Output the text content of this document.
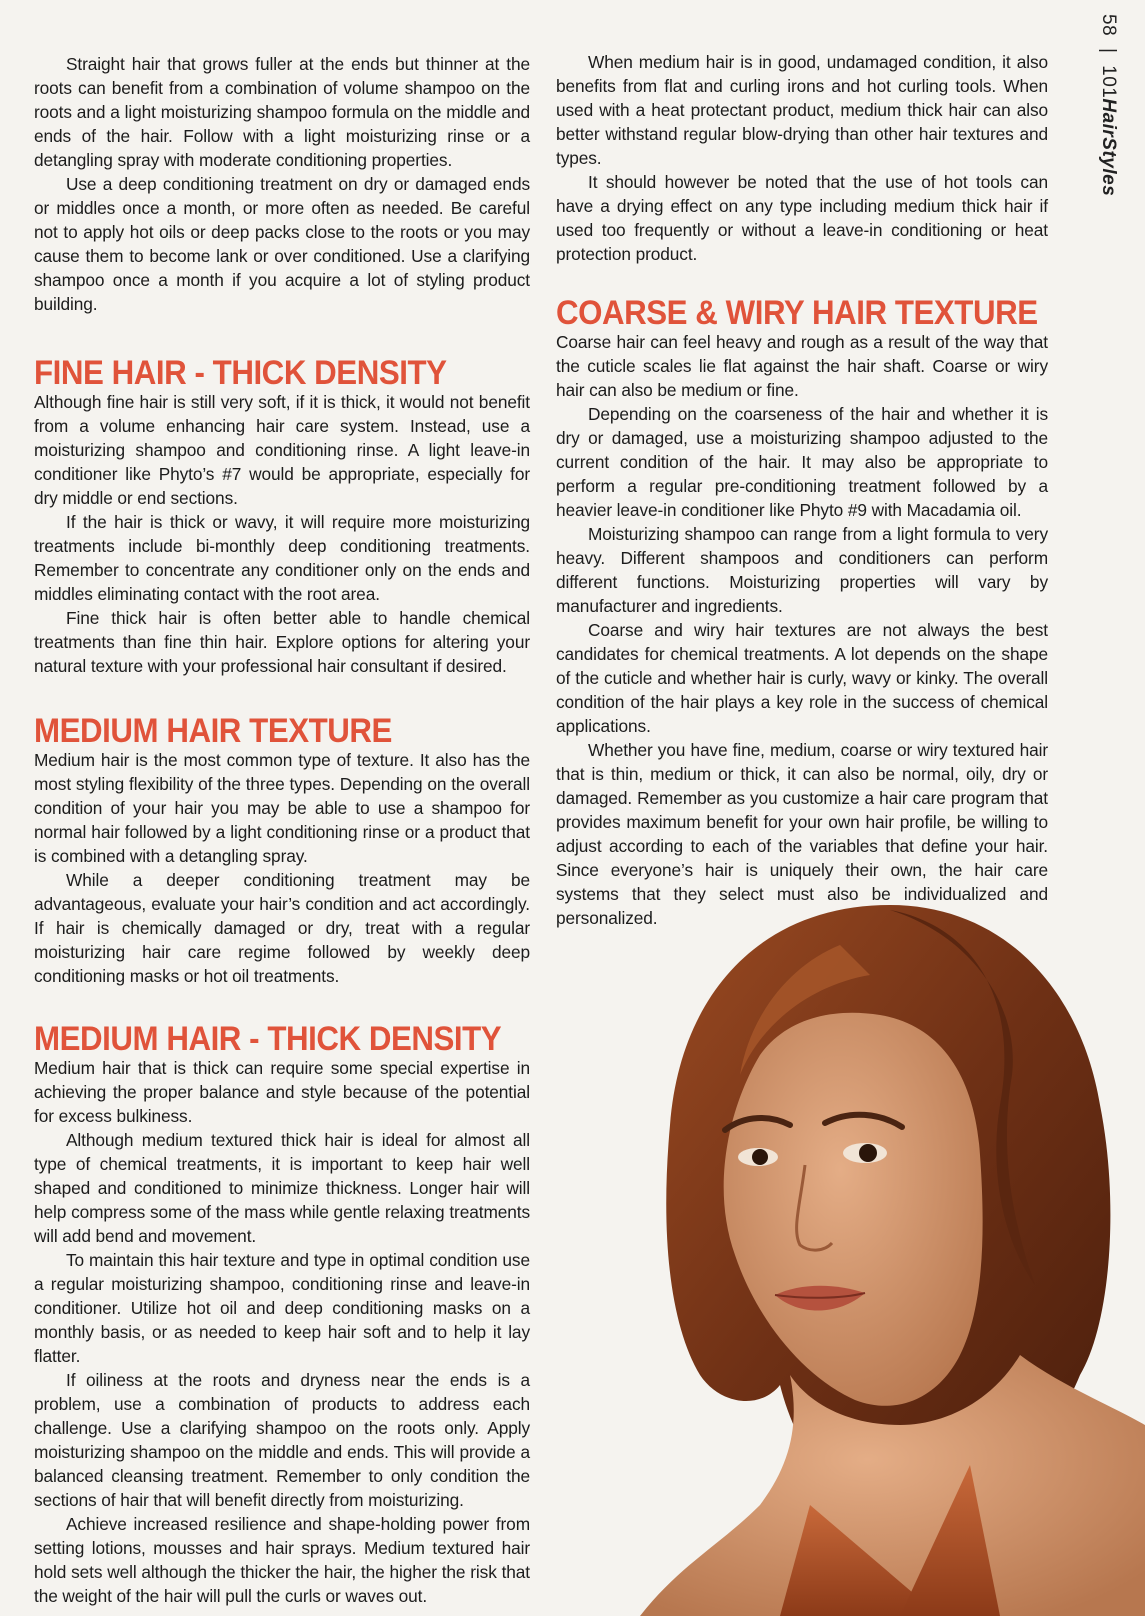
58 | 101HairStyles

Straight hair that grows fuller at the ends but thinner at the roots can benefit from a combination of volume shampoo on the roots and a light moisturizing shampoo formula on the middle and ends of the hair. Follow with a light moisturizing rinse or a detangling spray with moderate conditioning properties.

Use a deep conditioning treatment on dry or damaged ends or middles once a month, or more often as needed. Be careful not to apply hot oils or deep packs close to the roots or you may cause them to become lank or over conditioned. Use a clarifying shampoo once a month if you acquire a lot of styling product building.

FINE HAIR - THICK DENSITY

Although fine hair is still very soft, if it is thick, it would not benefit from a volume enhancing hair care system. Instead, use a moisturizing shampoo and conditioning rinse. A light leave-in conditioner like Phyto’s #7 would be appropriate, especially for dry middle or end sections.

If the hair is thick or wavy, it will require more moisturizing treatments include bi-monthly deep conditioning treatments. Remember to concentrate any conditioner only on the ends and middles eliminating contact with the root area.

Fine thick hair is often better able to handle chemical treatments than fine thin hair. Explore options for altering your natural texture with your professional hair consultant if desired.

MEDIUM HAIR TEXTURE

Medium hair is the most common type of texture. It also has the most styling flexibility of the three types. Depending on the overall condition of your hair you may be able to use a shampoo for normal hair followed by a light conditioning rinse or a product that is combined with a detangling spray.

While a deeper conditioning treatment may be advantageous, evaluate your hair’s condition and act accordingly. If hair is chemically damaged or dry, treat with a regular moisturizing hair care regime followed by weekly deep conditioning masks or hot oil treatments.

MEDIUM HAIR - THICK DENSITY

Medium hair that is thick can require some special expertise in achieving the proper balance and style because of the potential for excess bulkiness.

Although medium textured thick hair is ideal for almost all type of chemical treatments, it is important to keep hair well shaped and conditioned to minimize thickness. Longer hair will help compress some of the mass while gentle relaxing treatments will add bend and movement.

To maintain this hair texture and type in optimal condition use a regular moisturizing shampoo, conditioning rinse and leave-in conditioner. Utilize hot oil and deep conditioning masks on a monthly basis, or as needed to keep hair soft and to help it lay flatter.

If oiliness at the roots and dryness near the ends is a problem, use a combination of products to address each challenge. Use a clarifying shampoo on the roots only. Apply moisturizing shampoo on the middle and ends. This will provide a balanced cleansing treatment. Remember to only condition the sections of hair that will benefit directly from moisturizing.

Achieve increased resilience and shape-holding power from setting lotions, mousses and hair sprays. Medium textured hair hold sets well although the thicker the hair, the higher the risk that the weight of the hair will pull the curls or waves out.

When medium hair is in good, undamaged condition, it also benefits from flat and curling irons and hot curling tools. When used with a heat protectant product, medium thick hair can also better withstand regular blow-drying than other hair textures and types.

It should however be noted that the use of hot tools can have a drying effect on any type including medium thick hair if used too frequently or without a leave-in conditioning or heat protection product.

COARSE & WIRY HAIR TEXTURE

Coarse hair can feel heavy and rough as a result of the way that the cuticle scales lie flat against the hair shaft. Coarse or wiry hair can also be medium or fine.

Depending on the coarseness of the hair and whether it is dry or damaged, use a moisturizing shampoo adjusted to the current condition of the hair. It may also be appropriate to perform a regular pre-conditioning treatment followed by a heavier leave-in conditioner like Phyto #9 with Macadamia oil.

Moisturizing shampoo can range from a light formula to very heavy. Different shampoos and conditioners can perform different functions. Moisturizing properties will vary by manufacturer and ingredients.

Coarse and wiry hair textures are not always the best candidates for chemical treatments. A lot depends on the shape of the cuticle and whether hair is curly, wavy or kinky. The overall condition of the hair plays a key role in the success of chemical applications.

Whether you have fine, medium, coarse or wiry textured hair that is thin, medium or thick, it can also be normal, oily, dry or damaged. Remember as you customize a hair care program that provides maximum benefit for your own hair profile, be willing to adjust according to each of the variables that define your hair. Since everyone’s hair is uniquely their own, the hair care systems that they select must also be individualized and personalized.
